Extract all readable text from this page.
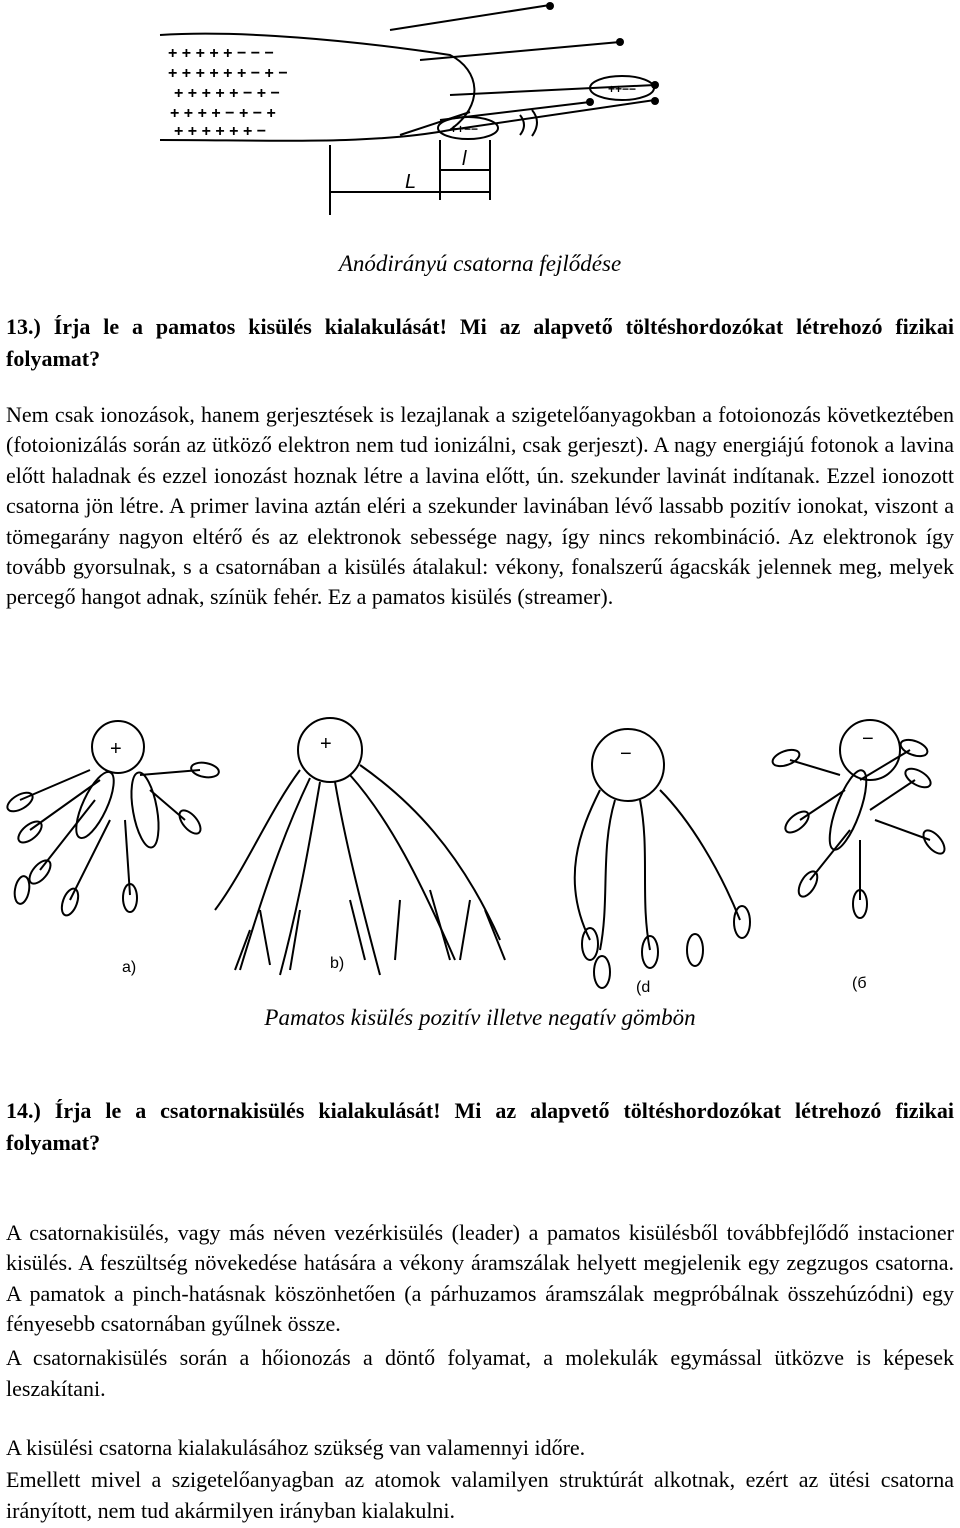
+ + + + + − − −
+ + + + + + − + −
+ + + + + − + −
+ + + + − + − +
+ + + + + + −
++−−
++−−
L
l
Anódirányú csatorna fejlődése
13.) Írja le a pamatos kisülés kialakulását! Mi az alapvető töltéshordozókat létrehozó fizikai folyamat?
Nem csak ionozások, hanem gerjesztések is lezajlanak a szigetelőanyagokban a fotoionozás következtében (fotoionizálás során az ütköző elektron nem tud ionizálni, csak gerjeszt). A nagy energiájú fotonok a lavina előtt haladnak és ezzel ionozást hoznak létre a lavina előtt, ún. szekunder lavinát indítanak. Ezzel ionozott csatorna jön létre. A primer lavina aztán eléri a szekunder lavinában lévő lassabb pozitív ionokat, viszont a tömegarány nagyon eltérő és az elektronok sebessége nagy, így nincs rekombináció. Az elektronok így tovább gyorsulnak, s a csatornában a kisülés átalakul: vékony, fonalszerű ágacskák jelennek meg, melyek percegő hangot adnak, színük fehér. Ez a pamatos kisülés (streamer).
+	+	−
−
a)	b)
(d	(б
Pamatos kisülés pozitív illetve negatív gömbön
14.) Írja le a csatornakisülés kialakulását! Mi az alapvető töltéshordozókat létrehozó fizikai folyamat?
A csatornakisülés, vagy más néven vezérkisülés (leader) a pamatos kisülésből továbbfejlődő instacioner kisülés. A feszültség növekedése hatására a vékony áramszálak helyett megjelenik egy zegzugos csatorna. A pamatok a pinch-hatásnak köszönhetően (a párhuzamos áramszálak megpróbálnak összehúzódni) egy fényesebb csatornában gyűlnek össze.
A csatornakisülés során a hőionozás a döntő folyamat, a molekulák egymással ütközve is képesek leszakítani.
A kisülési csatorna kialakulásához szükség van valamennyi időre.
Emellett mivel a szigetelőanyagban az atomok valamilyen struktúrát alkotnak, ezért az ütési csatorna irányított, nem tud akármilyen irányban kialakulni.
